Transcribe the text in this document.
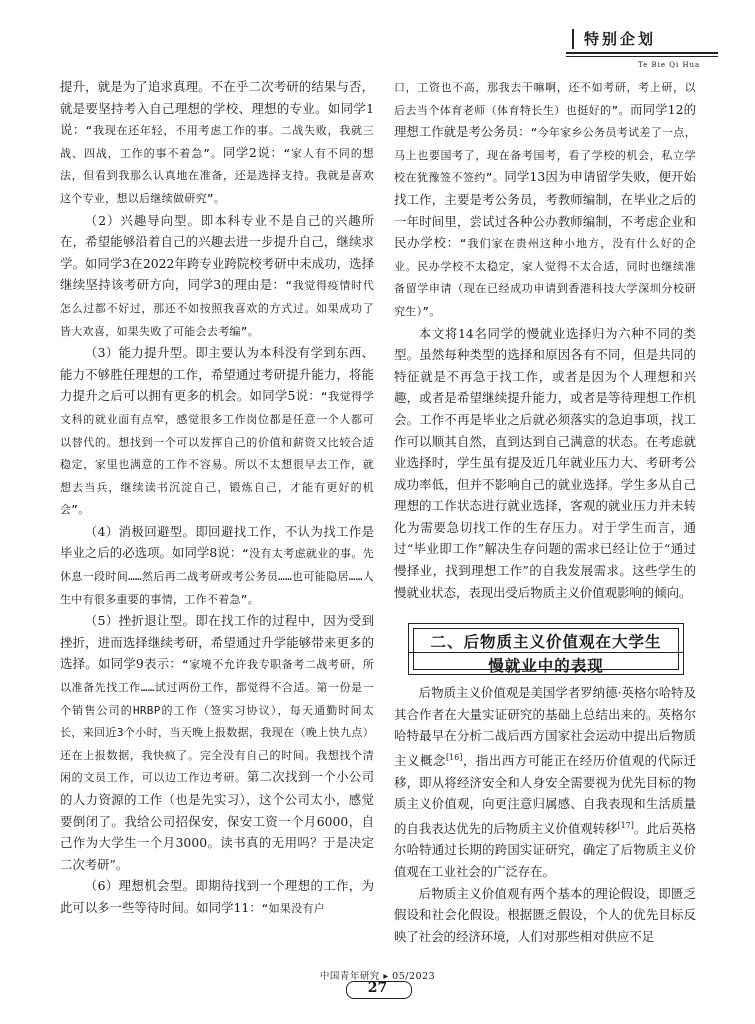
特别企划
Te Bie Qi Hua

提升，就是为了追求真理。不在乎二次考研的结果与否，就是要坚持考入自己理想的学校、理想的专业。如同学1说：“我现在还年轻，不用考虑工作的事。二战失败，我就三战、四战，工作的事不着急”。同学2说：“家人有不同的想法，但看到我那么认真地在准备，还是选择支持。我就是喜欢这个专业，想以后继续做研究”。

（2）兴趣导向型。即本科专业不是自己的兴趣所在，希望能够沿着自己的兴趣去进一步提升自己，继续求学。如同学3在2022年跨专业跨院校考研中未成功，选择继续坚持该考研方向，同学3的理由是：“我觉得疫情时代怎么过都不好过，那还不如按照我喜欢的方式过。如果成功了皆大欢喜，如果失败了可能会去考编”。

（3）能力提升型。即主要认为本科没有学到东西、能力不够胜任理想的工作，希望通过考研提升能力，将能力提升之后可以拥有更多的机会。如同学5说：“我觉得学文科的就业面有点窄，感觉很多工作岗位都是任意一个人都可以替代的。想找到一个可以发挥自己的价值和薪资又比较合适稳定，家里也满意的工作不容易。所以不太想很早去工作，就想去当兵，继续读书沉淀自己，锻炼自己，才能有更好的机会”。

（4）消极回避型。即回避找工作，不认为找工作是毕业之后的必选项。如同学8说：“没有太考虑就业的事。先休息一段时间……然后再二战考研或考公务员……也可能隐居……人生中有很多重要的事情，工作不着急”。

（5）挫折退让型。即在找工作的过程中，因为受到挫折，进而选择继续考研，希望通过升学能够带来更多的选择。如同学9表示：“家境不允许我专职备考二战考研，所以准备先找工作……试过两份工作，都觉得不合适。第一份是一个销售公司的HRBP的工作（签实习协议），每天通勤时间太长，来回近3个小时，当天晚上报数据，我现在（晚上快九点）还在上报数据，我快疯了。完全没有自己的时间。我想找个清闲的文员工作，可以边工作边考研。第二次找到一个小公司的人力资源的工作（也是先实习），这个公司太小，感觉要倒闭了。我给公司招保安，保安工资一个月6000，自己作为大学生一个月3000。读书真的无用吗？于是决定二次考研”。

（6）理想机会型。即期待找到一个理想的工作，为此可以多一些等待时间。如同学11：“如果没有户

口，工资也不高，那我去干嘛啊，还不如考研，考上研，以后去当个体育老师（体育特长生）也挺好的”。而同学12的理想工作就是考公务员：“今年家乡公务员考试差了一点，马上也要国考了，现在备考国考，看了学校的机会，私立学校在犹豫签不签约”。同学13因为申请留学失败，便开始找工作，主要是考公务员，考教师编制，在毕业之后的一年时间里，尝试过各种公办教师编制，不考虑企业和民办学校：“我们家在贵州这种小地方，没有什么好的企业。民办学校不太稳定，家人觉得不太合适，同时也继续准备留学申请（现在已经成功申请到香港科技大学深圳分校研究生）”。

本文将14名同学的慢就业选择归为六种不同的类型。虽然每种类型的选择和原因各有不同，但是共同的特征就是不再急于找工作，或者是因为个人理想和兴趣，或者是希望继续提升能力，或者是等待理想工作机会。工作不再是毕业之后就必须落实的急迫事项，找工作可以顺其自然，直到达到自己满意的状态。在考虑就业选择时，学生虽有提及近几年就业压力大、考研考公成功率低，但并不影响自己的就业选择。学生多从自己理想的工作状态进行就业选择，客观的就业压力并未转化为需要急切找工作的生存压力。对于学生而言，通过“毕业即工作”解决生存问题的需求已经让位于“通过慢择业，找到理想工作”的自我发展需求。这些学生的慢就业状态，表现出受后物质主义价值观影响的倾向。

二、后物质主义价值观在大学生
慢就业中的表现

后物质主义价值观是美国学者罗纳德·英格尔哈特及其合作者在大量实证研究的基础上总结出来的。英格尔哈特最早在分析二战后西方国家社会运动中提出后物质主义概念[16]，指出西方可能正在经历价值观的代际迁移，即从将经济安全和人身安全需要视为优先目标的物质主义价值观，向更注意归属感、自我表现和生活质量的自我表达优先的后物质主义价值观转移[17]。此后英格尔哈特通过长期的跨国实证研究，确定了后物质主义价值观在工业社会的广泛存在。

后物质主义价值观有两个基本的理论假设，即匮乏假设和社会化假设。根据匮乏假设，个人的优先目标反映了社会的经济环境，人们对那些相对供应不足

中国青年研究 ▸ 05/2023
27
